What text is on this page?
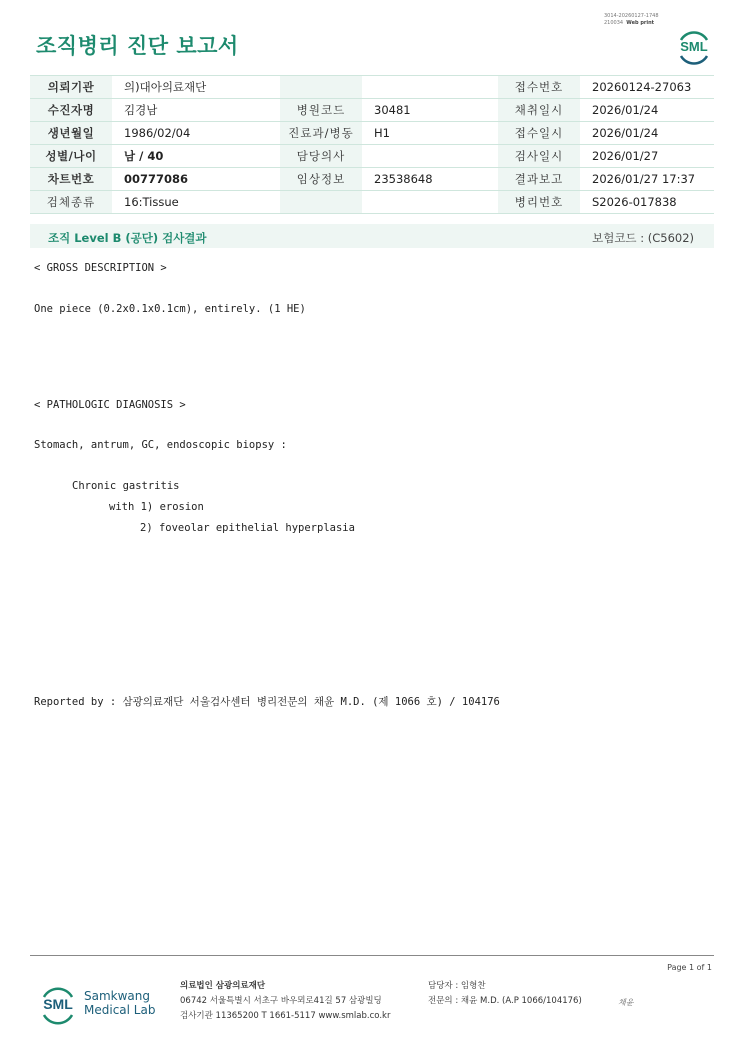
조직병리 진단 보고서
3014-20260127-1748
210034 Web print
SML
의뢰기관	의)대아의료재단			접수번호	20260124-27063
수진자명	김경남	병원코드	30481	채취일시	2026/01/24
생년월일	1986/02/04	진료과/병동	H1	접수일시	2026/01/24
성별/나이	남 / 40	담당의사		검사일시	2026/01/27
차트번호	00777086	임상정보	23538648	결과보고	2026/01/27 17:37
검체종류	16:Tissue			병리번호	S2026-017838
조직 Level B (공단) 검사결과	보험코드 : (C5602)
< GROSS DESCRIPTION >
One piece (0.2x0.1x0.1cm), entirely. (1 HE)
< PATHOLOGIC DIAGNOSIS >
Stomach, antrum, GC, endoscopic biopsy :
Chronic gastritis
with 1) erosion
2) foveolar epithelial hyperplasia
Reported by : 삼광의료재단 서울검사센터 병리전문의 채윤 M.D. (제 1066 호) / 104176
Page 1 of 1
SML Samkwang
Medical Lab
의료법인 삼광의료재단
06742 서울특별시 서초구 바우뫼로41길 57 삼광빌딩
검사기관 11365200 T 1661-5117 www.smlab.co.kr
담당자 : 임형찬
전문의 : 채윤 M.D. (A.P 1066/104176)	채윤
